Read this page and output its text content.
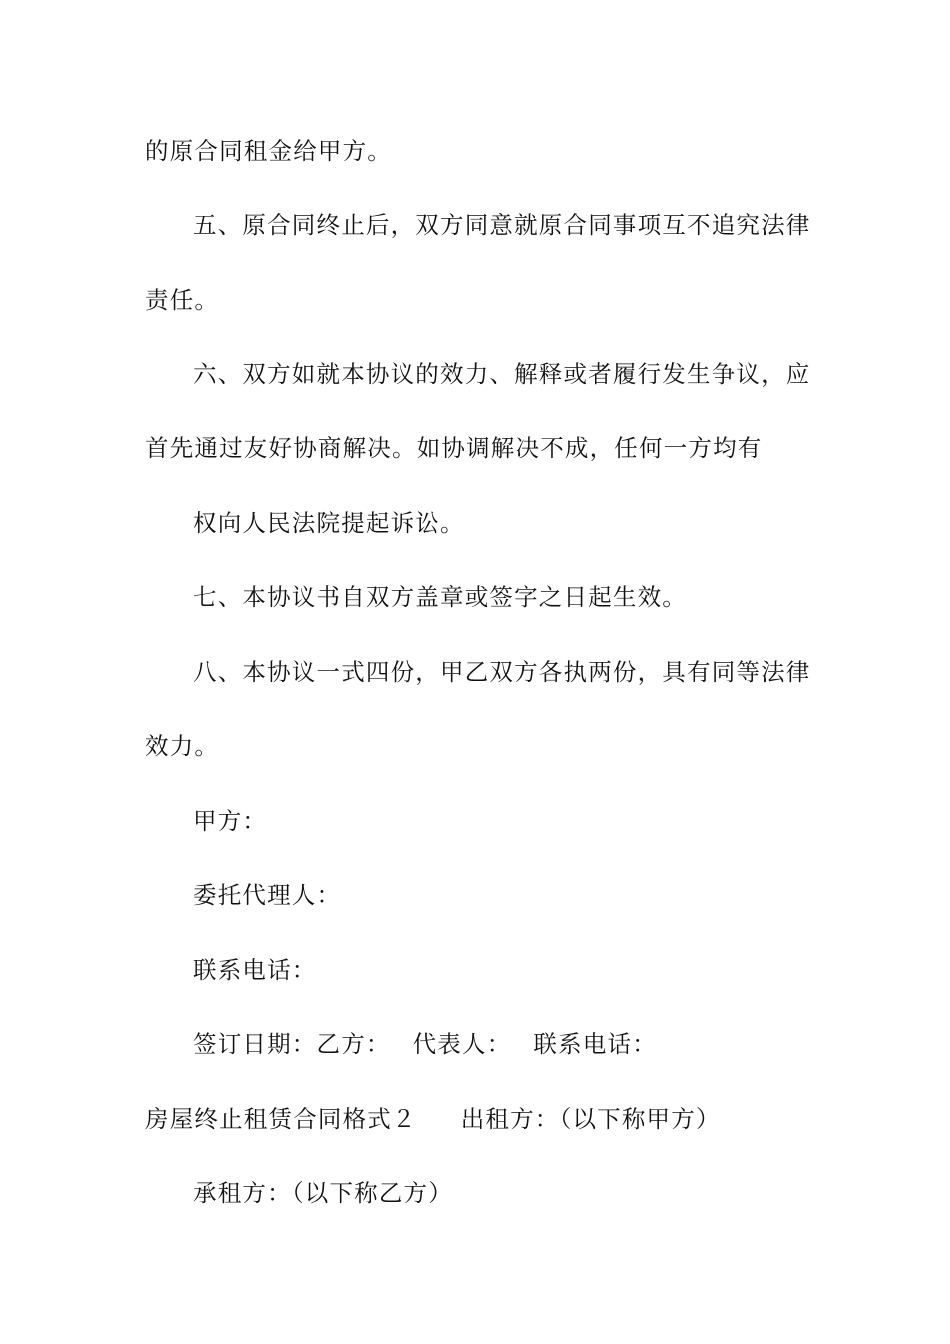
的原合同租金给甲方。
五、原合同终止后，双方同意就原合同事项互不追究法律
责任。
六、双方如就本协议的效力、解释或者履行发生争议，应
首先通过友好协商解决。如协调解决不成，任何一方均有
权向人民法院提起诉讼。
七、本协议书自双方盖章或签字之日起生效。
八、本协议一式四份，甲乙双方各执两份，具有同等法律
效力。
甲方：
委托代理人：
联系电话：
签订日期：乙方： 代表人： 联系电话：
房屋终止租赁合同格式２ 出租方：（以下称甲方）
承租方：（以下称乙方）
